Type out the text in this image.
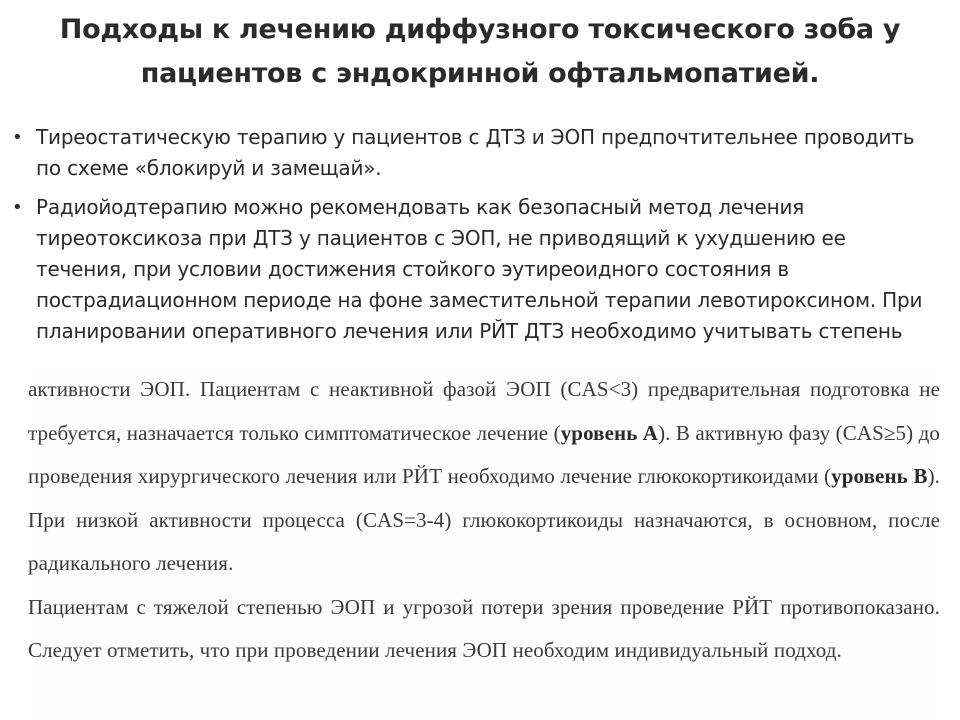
Подходы к лечению диффузного токсического зоба у пациентов с эндокринной офтальмопатией.
• Тиреостатическую терапию у пациентов с ДТЗ и ЭОП предпочтительнее проводить по схеме «блокируй и замещай».
• Радиойодтерапию можно рекомендовать как безопасный метод лечения тиреотоксикоза при ДТЗ у пациентов с ЭОП, не приводящий к ухудшению ее течения, при условии достижения стойкого эутиреоидного состояния в пострадиационном периоде на фоне заместительной терапии левотироксином. При планировании оперативного лечения или РЙТ ДТЗ необходимо учитывать степень

активности ЭОП. Пациентам с неактивной фазой ЭОП (CAS<3) предварительная подготовка не требуется, назначается только симптоматическое лечение (уровень А). В активную фазу (CAS≥5) до проведения хирургического лечения или РЙТ необходимо лечение глюкокортикоидами (уровень В). При низкой активности процесса (CAS=3-4) глюкокортикоиды назначаются, в основном, после радикального лечения.

Пациентам с тяжелой степенью ЭОП и угрозой потери зрения проведение РЙТ противопоказано. Следует отметить, что при проведении лечения ЭОП необходим индивидуальный подход.
